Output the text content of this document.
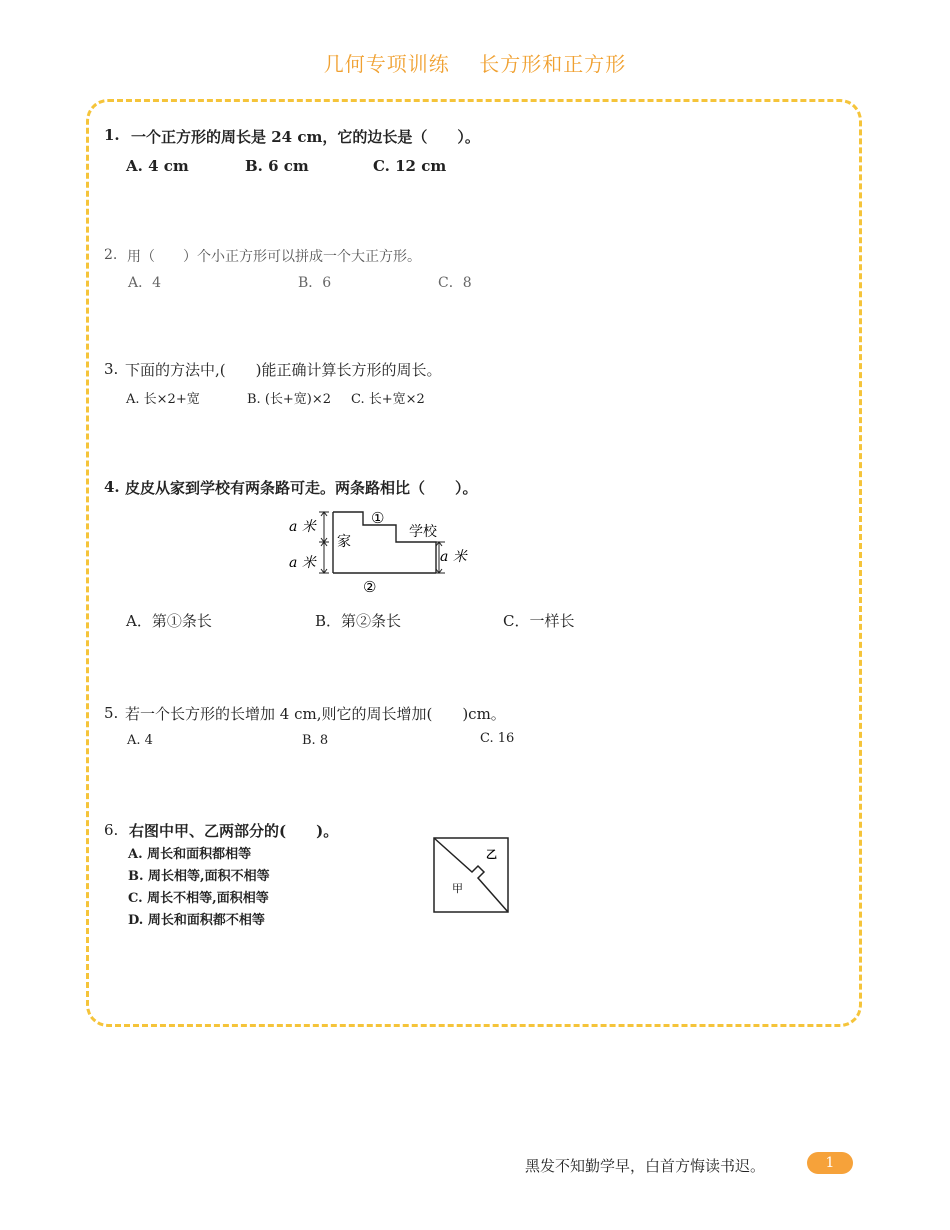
几何专项训练    长方形和正方形
1. 一个正方形的周长是 24 cm，它的边长是（　　）。
A. 4 cm	B. 6 cm	C. 12 cm
2. 用（　　）个小正方形可以拼成一个大正方形。
A．4	B．6	C．8
3. 下面的方法中,(　　)能正确计算长方形的周长。
A. 长×2+宽	B. (长+宽)×2 C. 长+宽×2
4. 皮皮从家到学校有两条路可走。两条路相比（　　）。
a 米
a 米	a 米
家
学校
①
②
A．第①条长	B．第②条长	C．一样长
5. 若一个长方形的长增加 4 cm,则它的周长增加(　　)cm。
A. 4	B. 8	C. 16
6. 右图中甲、乙两部分的(　　)。
A. 周长和面积都相等
B. 周长相等,面积不相等
C. 周长不相等,面积相等
D. 周长和面积都不相等
甲
乙
黑发不知勤学早，白首方悔读书迟。	1
